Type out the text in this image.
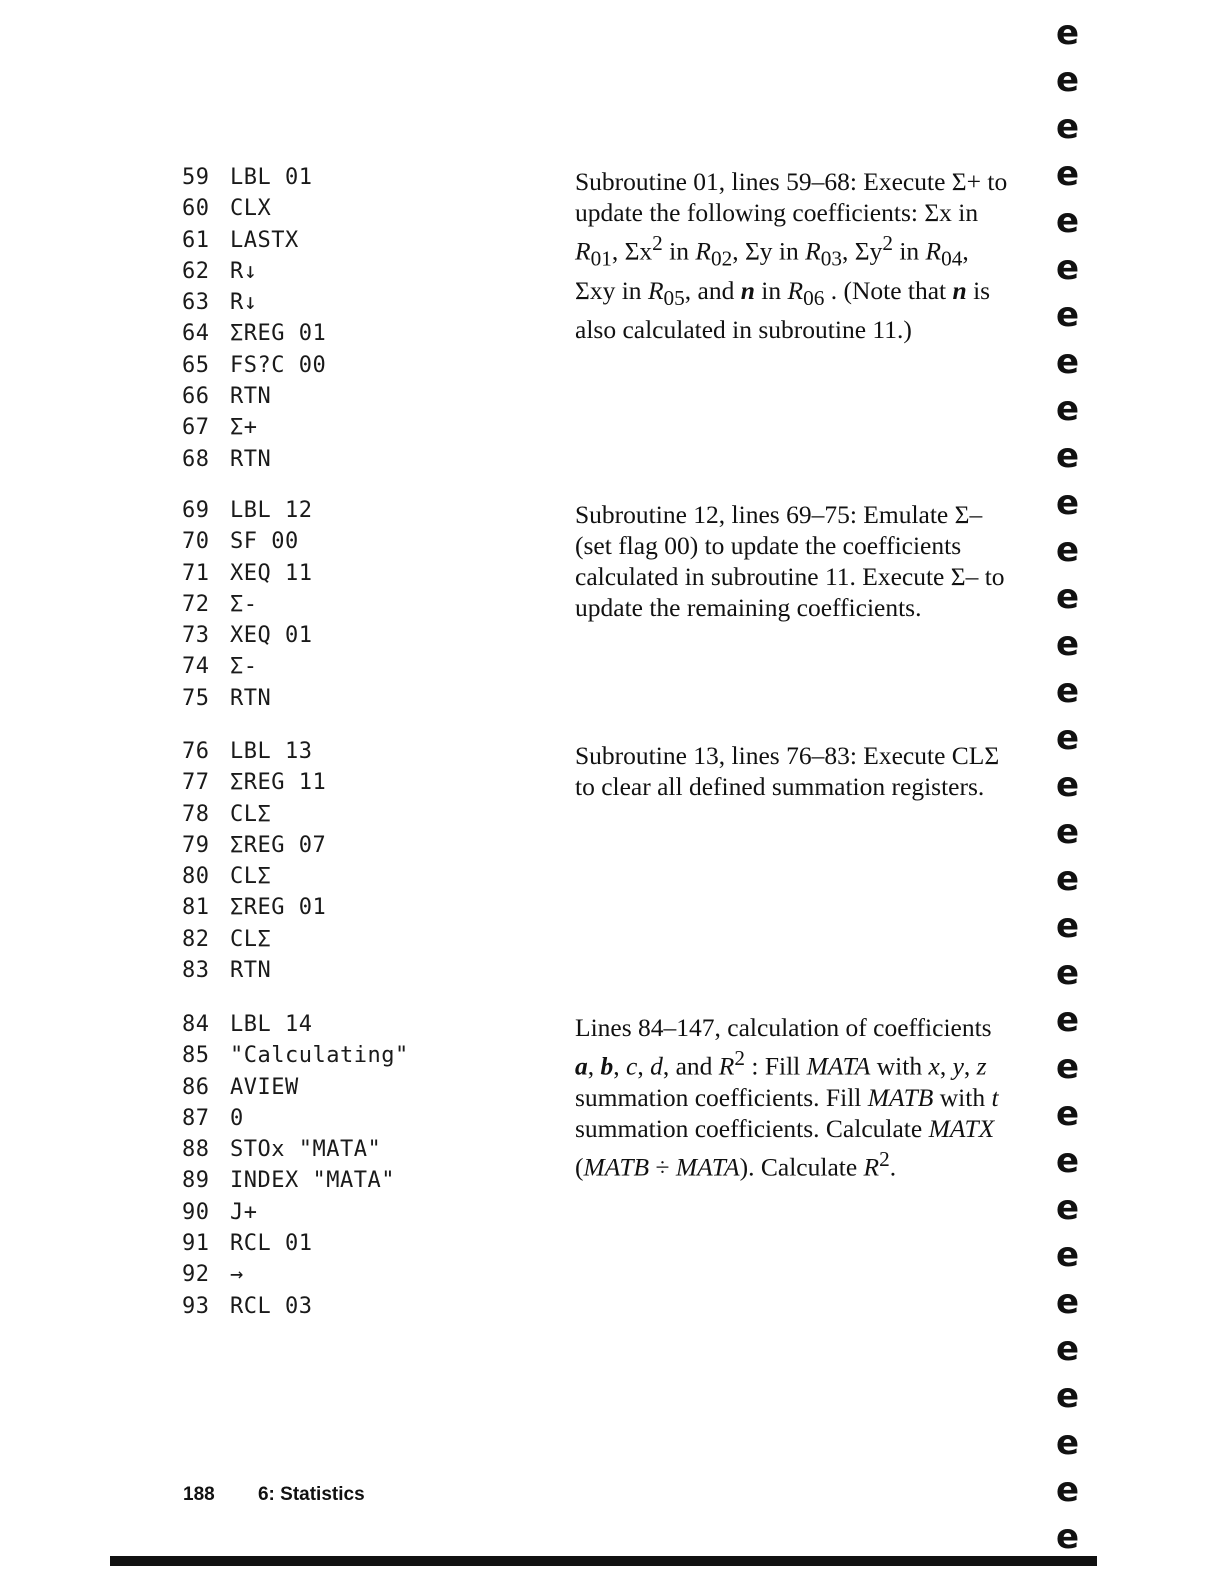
59 LBL 01
60 CLX
61 LASTX
62 R↓
63 R↓
64 ΣREG 01
65 FS?C 00
66 RTN
67 Σ+
68 RTN
69 LBL 12
70 SF 00
71 XEQ 11
72 Σ-
73 XEQ 01
74 Σ-
75 RTN
76 LBL 13
77 ΣREG 11
78 CLΣ
79 ΣREG 07
80 CLΣ
81 ΣREG 01
82 CLΣ
83 RTN
84 LBL 14
85 "Calculating"
86 AVIEW
87 0
88 STOx "MATA"
89 INDEX "MATA"
90 J+
91 RCL 01
92 →
93 RCL 03

Subroutine 01, lines 59–68: Execute Σ+ to update the following coefficients: Σx in $R_{01}$, $\Sigma x^2$ in $R_{02}$, Σy in $R_{03}$, $\Sigma y^2$ in $R_{04}$, Σxy in $R_{05}$, and n in $R_{06}$ . (Note that n is also calculated in subroutine 11.)

Subroutine 12, lines 69–75: Emulate Σ– (set flag 00) to update the coefficients calculated in subroutine 11. Execute Σ– to update the remaining coefficients.

Subroutine 13, lines 76–83: Execute CLΣ to clear all defined summation registers.

Lines 84–147, calculation of coefficients a, b, c, d, and $R^2$ : Fill MATA with x, y, z summation coefficients. Fill MATB with t summation coefficients. Calculate MATX (MATB ÷ MATA). Calculate $R^2$.

188 6: Statistics
e
e
e
e
e
e
e
e
e
e
e
e
e
e
e
e
e
e
e
e
e
e
e
e
e
e
e
e
e
e
e
e
e
